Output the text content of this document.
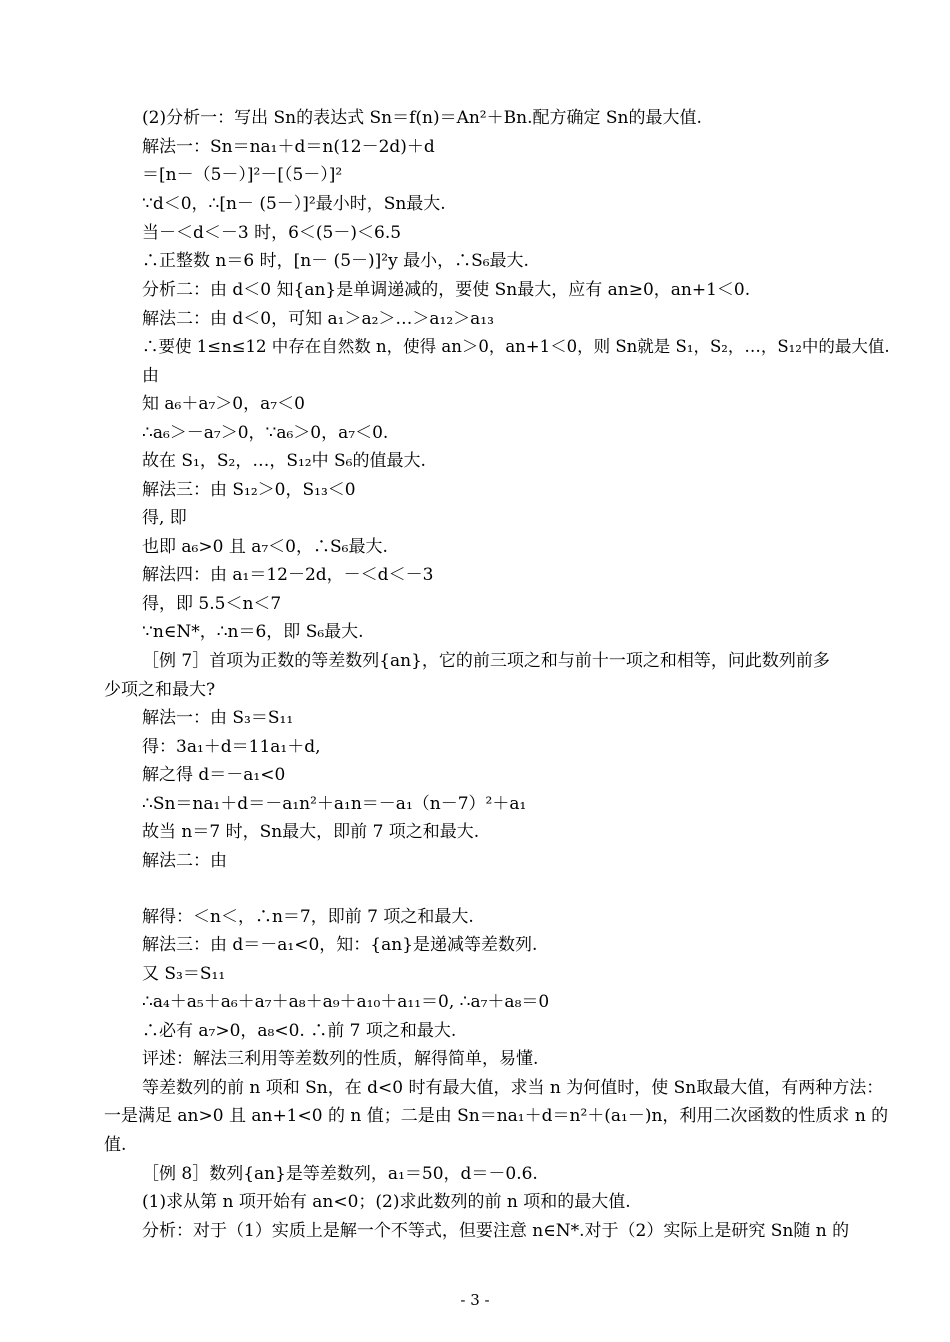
(2)分析一：写出 Sn的表达式 Sn＝f(n)＝An²＋Bn.配方确定 Sn的最大值.
解法一：Sn＝na₁＋d＝n(12－2d)＋d
＝[n－（5－）]²－[（5－）]²
∵d＜0，∴[n－ (5－）]²最小时，Sn最大.
当－＜d＜－3 时，6＜(5－)＜6.5
∴正整数 n＝6 时，[n－ (5－)]²y 最小，∴S₆最大.
分析二：由 d＜0 知{an}是单调递减的，要使 Sn最大，应有 an≥0，an+1＜0.
解法二：由 d＜0，可知 a₁＞a₂＞…＞a₁₂＞a₁₃
∴要使 1≤n≤12 中存在自然数 n，使得 an＞0，an+1＜0，则 Sn就是 S₁，S₂，…，S₁₂中的最大值.
由
知 a₆＋a₇＞0，a₇＜0
∴a₆＞－a₇＞0，∵a₆＞0，a₇＜0.
故在 S₁，S₂，…，S₁₂中 S₆的值最大.
解法三：由 S₁₂＞0，S₁₃＜0
得, 即
也即 a₆>0 且 a₇＜0，∴S₆最大.
解法四：由 a₁＝12－2d，－＜d＜－3
得，即 5.5＜n＜7
∵n∈N*，∴n＝6，即 S₆最大.
［例 7］首项为正数的等差数列{an}，它的前三项之和与前十一项之和相等，问此数列前多
少项之和最大?
解法一：由 S₃＝S₁₁
得：3a₁＋d＝11a₁＋d,
解之得 d＝－a₁<0
∴Sn＝na₁＋d＝－a₁n²＋a₁n＝－a₁（n－7）²＋a₁
故当 n＝7 时，Sn最大，即前 7 项之和最大.
解法二：由
解得：＜n＜，∴n＝7，即前 7 项之和最大.
解法三：由 d＝－a₁<0，知：{an}是递减等差数列.
又 S₃＝S₁₁
∴a₄＋a₅＋a₆＋a₇＋a₈＋a₉＋a₁₀＋a₁₁＝0, ∴a₇＋a₈＝0
∴必有 a₇>0，a₈<0. ∴前 7 项之和最大.
评述：解法三利用等差数列的性质，解得简单，易懂.
等差数列的前 n 项和 Sn，在 d<0 时有最大值，求当 n 为何值时，使 Sn取最大值，有两种方法：
一是满足 an>0 且 an+1<0 的 n 值；二是由 Sn＝na₁＋d＝n²＋(a₁－)n，利用二次函数的性质求 n 的
值.
［例 8］数列{an}是等差数列，a₁＝50，d＝－0.6.
(1)求从第 n 项开始有 an<0；(2)求此数列的前 n 项和的最大值.
分析：对于（1）实质上是解一个不等式，但要注意 n∈N*.对于（2）实际上是研究 Sn随 n 的
- 3 -
